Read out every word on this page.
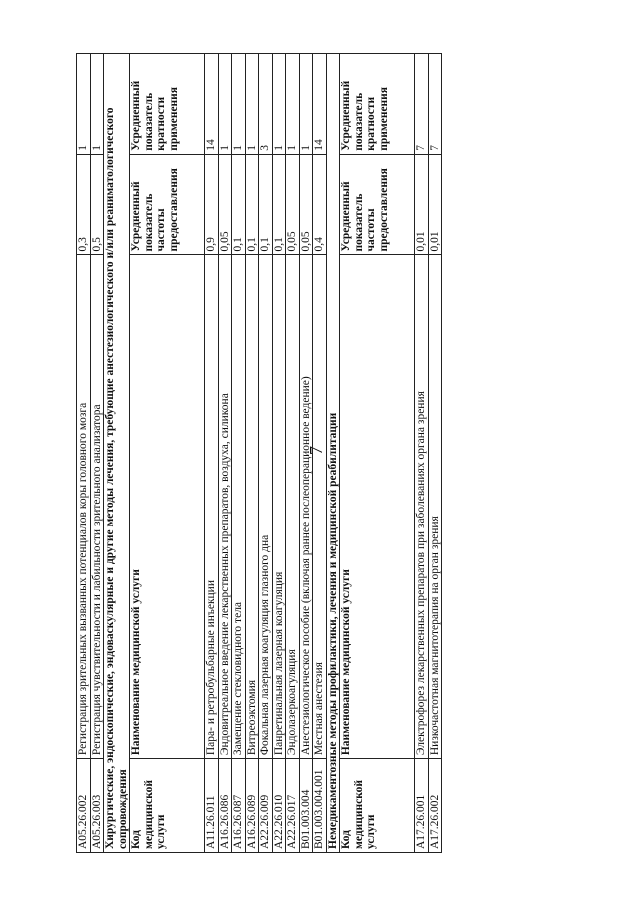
7
A05.26.002	Регистрация зрительных вызванных потенциалов коры головного мозга	0,3	1
A05.26.003	Регистрация чувствительности и лабильности зрительного анализатора	0,5	1
Хирургические, эндоскопические, эндоваскулярные и другие методы лечения, требующие анестезиологического и/или реаниматологического сопровождения			
Код медицинской услуги	Наименование медицинской услуги	Усредненный показатель частоты предоставления	Усредненный показатель кратности применения
A11.26.011	Пара- и ретробульбарные инъекции	0,9	14
A16.26.086	Эндовитреальное введение лекарственных препаратов, воздуха, силикона	0,05	1
A16.26.087	Замещение стекловидного тела	0,1	1
A16.26.089	Витреоэктомия	0,1	1
A22.26.009	Фокальная лазерная коагуляция глазного дна	0,1	3
A22.26.010	Панретинальная лазерная коагуляция	0,1	1
A22.26.017	Эндолазеркоагуляция	0,05	1
B01.003.004	Анестезиологическое пособие (включая раннее послеоперационное ведение)	0,05	1
B01.003.004.001	Местная анестезия	0,4	14
Немедикаментозные методы профилактики, лечения и медицинской реабилитации			
Код медицинской услуги	Наименование медицинской услуги	Усредненный показатель частоты предоставления	Усредненный показатель кратности применения
A17.26.001	Электрофорез лекарственных препаратов при заболеваниях органа зрения	0,01	7
A17.26.002	Низкочастотная магнитотерапия на орган зрения	0,01	7
